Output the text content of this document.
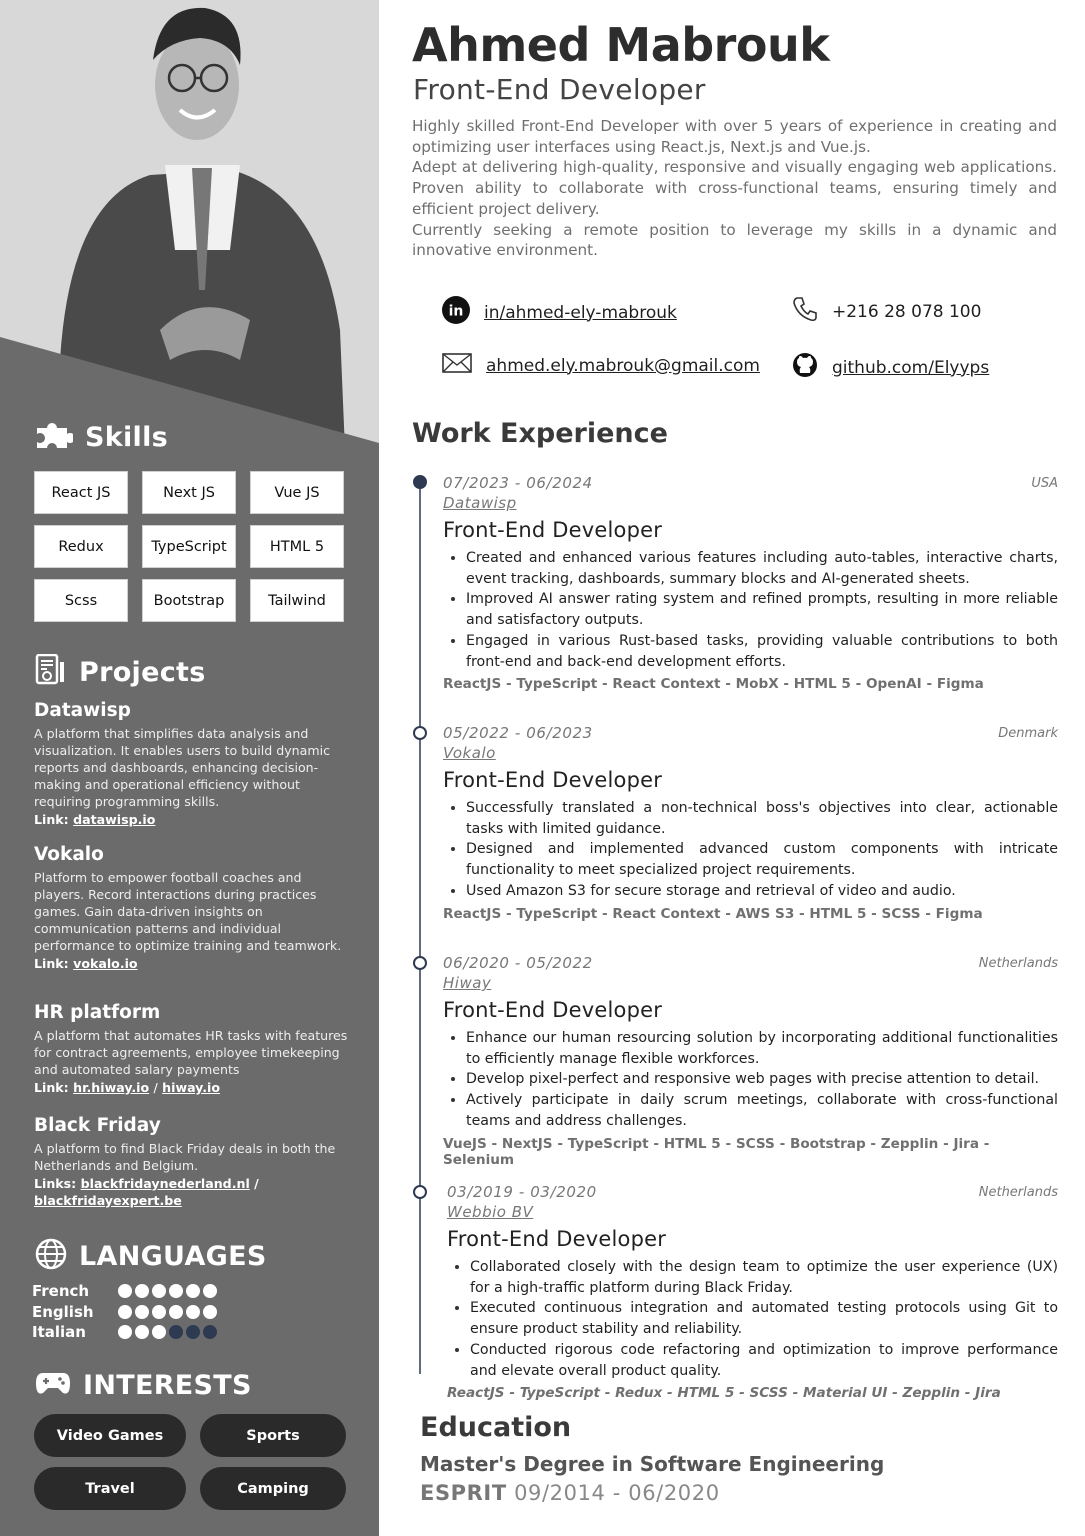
Skills
React JS	Next JS	Vue JS
Redux	TypeScript	HTML 5
Scss	Bootstrap	Tailwind
Projects
Datawisp
A platform that simplifies data analysis and visualization. It enables users to build dynamic reports and dashboards, enhancing decision-making and operational efficiency without requiring programming skills.
Link: datawisp.io
Vokalo
Platform to empower football coaches and players. Record interactions during practices games. Gain data-driven insights on communication patterns and individual performance to optimize training and teamwork.
Link: vokalo.io
HR platform
A platform that automates HR tasks with features for contract agreements, employee timekeeping and automated salary payments
Link: hr.hiway.io / hiway.io
Black Friday
A platform to find Black Friday deals in both the Netherlands and Belgium.
Links: blackfridaynederland.nl /
blackfridayexpert.be
LANGUAGES
French
English
Italian
INTERESTS
Video Games	Sports
Travel	Camping
Ahmed Mabrouk
Front-End Developer
Highly skilled Front-End Developer with over 5 years of experience in creating and optimizing user interfaces using React.js, Next.js and Vue.js.
Adept at delivering high-quality, responsive and visually engaging web applications. Proven ability to collaborate with cross-functional teams, ensuring timely and efficient project delivery.
Currently seeking a remote position to leverage my skills in a dynamic and innovative environment.
in in/ahmed-ely-mabrouk	+216 28 078 100
ahmed.ely.mabrouk@gmail.com	github.com/Elyyps
Work Experience
07/2023 - 06/2024	USA
Datawisp
Front-End Developer
• Created and enhanced various features including auto-tables, interactive charts, event tracking, dashboards, summary blocks and AI-generated sheets.
• Improved AI answer rating system and refined prompts, resulting in more reliable and satisfactory outputs.
• Engaged in various Rust-based tasks, providing valuable contributions to both front-end and back-end development efforts.
ReactJS - TypeScript - React Context - MobX - HTML 5 - OpenAI - Figma
05/2022 - 06/2023	Denmark
Vokalo
Front-End Developer
• Successfully translated a non-technical boss's objectives into clear, actionable tasks with limited guidance.
• Designed and implemented advanced custom components with intricate functionality to meet specialized project requirements.
• Used Amazon S3 for secure storage and retrieval of video and audio.
ReactJS - TypeScript - React Context - AWS S3 - HTML 5 - SCSS - Figma
06/2020 - 05/2022	Netherlands
Hiway
Front-End Developer
• Enhance our human resourcing solution by incorporating additional functionalities to efficiently manage flexible workforces.
• Develop pixel-perfect and responsive web pages with precise attention to detail.
• Actively participate in daily scrum meetings, collaborate with cross-functional teams and address challenges.
VueJS - NextJS - TypeScript - HTML 5 - SCSS - Bootstrap - Zepplin - Jira - Selenium
03/2019 - 03/2020	Netherlands
Webbio BV
Front-End Developer
• Collaborated closely with the design team to optimize the user experience (UX) for a high-traffic platform during Black Friday.
• Executed continuous integration and automated testing protocols using Git to ensure product stability and reliability.
• Conducted rigorous code refactoring and optimization to improve performance and elevate overall product quality.
ReactJS - TypeScript - Redux - HTML 5 - SCSS - Material UI - Zepplin - Jira
Education
Master's Degree in Software Engineering
ESPRIT 09/2014 - 06/2020
